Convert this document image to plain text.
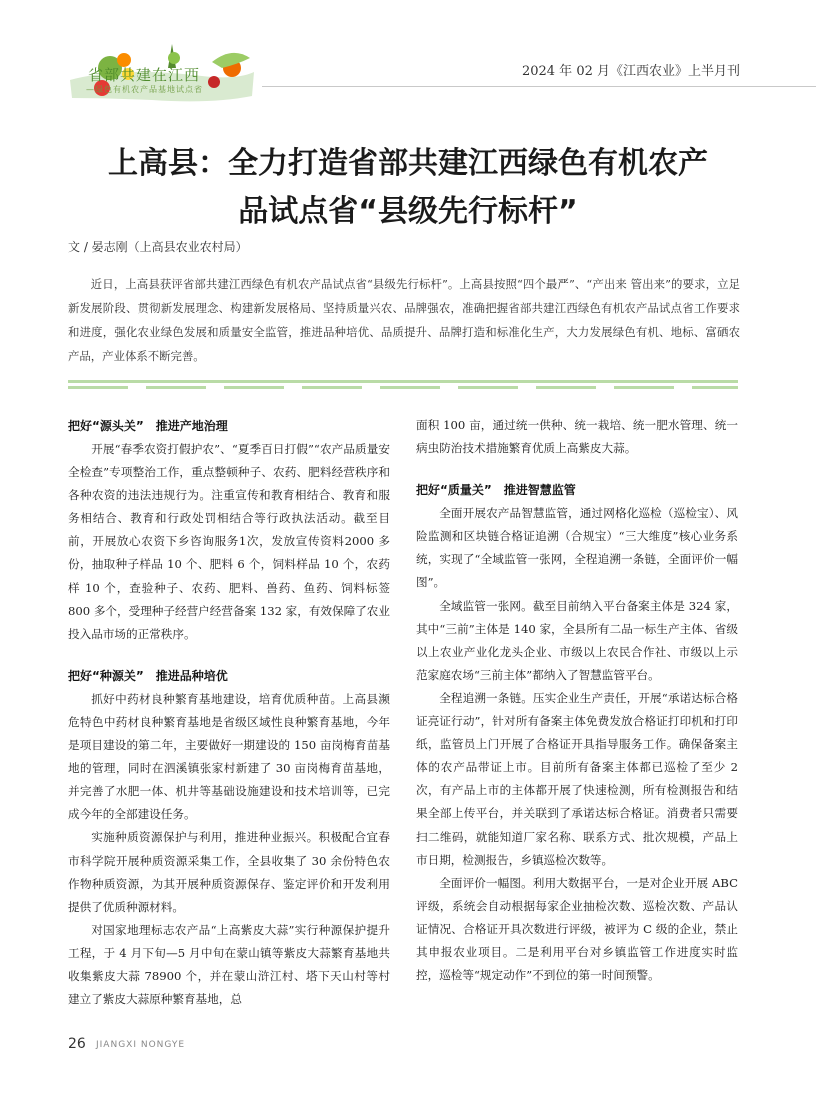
省部共建在江西
—绿色有机农产品基地试点省
2024 年 02 月《江西农业》上半月刊
上高县：全力打造省部共建江西绿色有机农产
品试点省“县级先行标杆”
文 / 晏志刚（上高县农业农村局）
近日，上高县获评省部共建江西绿色有机农产品试点省“县级先行标杆”。上高县按照“四个最严”、“产出来 管出来”的要求，立足新发展阶段、贯彻新发展理念、构建新发展格局、坚持质量兴农、品牌强农，准确把握省部共建江西绿色有机农产品试点省工作要求和进度，强化农业绿色发展和质量安全监管，推进品种培优、品质提升、品牌打造和标准化生产，大力发展绿色有机、地标、富硒农产品，产业体系不断完善。
把好“源头关”　推进产地治理

开展“春季农资打假护农”、“夏季百日打假”“农产品质量安全检查”专项整治工作，重点整顿种子、农药、肥料经营秩序和各种农资的违法违规行为。注重宣传和教育相结合、教育和服务相结合、教育和行政处罚相结合等行政执法活动。截至目前，开展放心农资下乡咨询服务1次，发放宣传资料2000 多份，抽取种子样品 10 个、肥料 6 个，饲料样品 10 个，农药样 10 个，查验种子、农药、肥料、兽药、鱼药、饲料标签 800 多个，受理种子经营户经营备案 132 家，有效保障了农业投入品市场的正常秩序。

把好“种源关”　推进品种培优

抓好中药材良种繁育基地建设，培育优质种苗。上高县濒危特色中药材良种繁育基地是省级区域性良种繁育基地，今年是项目建设的第二年，主要做好一期建设的 150 亩岗梅育苗基地的管理，同时在泗溪镇张家村新建了 30 亩岗梅育苗基地，并完善了水肥一体、机井等基础设施建设和技术培训等，已完成今年的全部建设任务。

实施种质资源保护与利用，推进种业振兴。积极配合宜春市科学院开展种质资源采集工作，全县收集了 30 余份特色农作物种质资源，为其开展种质资源保存、鉴定评价和开发利用提供了优质种源材料。

对国家地理标志农产品“上高紫皮大蒜”实行种源保护提升工程，于 4 月下旬—5 月中旬在蒙山镇等紫皮大蒜繁育基地共收集紫皮大蒜 78900 个，并在蒙山浒江村、塔下天山村等村建立了紫皮大蒜原种繁育基地，总

面积 100 亩，通过统一供种、统一栽培、统一肥水管理、统一病虫防治技术措施繁育优质上高紫皮大蒜。

把好“质量关”　推进智慧监管

全面开展农产品智慧监管，通过网格化巡检（巡检宝）、风险监测和区块链合格证追溯（合规宝）“三大维度”核心业务系统，实现了“全域监管一张网，全程追溯一条链，全面评价一幅图”。

全域监管一张网。截至目前纳入平台备案主体是 324 家，其中“三前”主体是 140 家，全县所有二品一标生产主体、省级以上农业产业化龙头企业、市级以上农民合作社、市级以上示范家庭农场“三前主体”都纳入了智慧监管平台。

全程追溯一条链。压实企业生产责任，开展“承诺达标合格证亮证行动”，针对所有备案主体免费发放合格证打印机和打印纸，监管员上门开展了合格证开具指导服务工作。确保备案主体的农产品带证上市。目前所有备案主体都已巡检了至少 2 次，有产品上市的主体都开展了快速检测，所有检测报告和结果全部上传平台，并关联到了承诺达标合格证。消费者只需要扫二维码，就能知道厂家名称、联系方式、批次规模，产品上市日期，检测报告，乡镇巡检次数等。

全面评价一幅图。利用大数据平台，一是对企业开展 ABC 评级，系统会自动根据每家企业抽检次数、巡检次数、产品认证情况、合格证开具次数进行评级，被评为 C 级的企业，禁止其申报农业项目。二是利用平台对乡镇监管工作进度实时监控，巡检等“规定动作”不到位的第一时间预警。

26 JIANGXI NONGYE
